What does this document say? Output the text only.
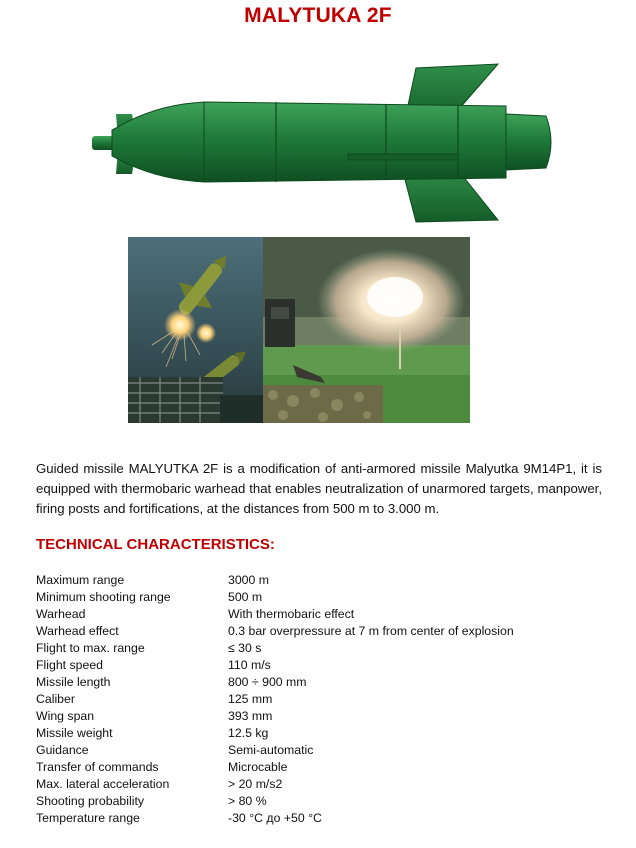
MALYTUKA 2F
Guided missile MALYUTKA 2F is a modification of anti-armored missile Malyutka 9M14P1, it is equipped with thermobaric warhead that enables neutralization of unarmored targets, manpower, firing posts and fortifications, at the distances from 500 m to 3.000 m.
TECHNICAL CHARACTERISTICS:
Maximum range	3000 m
Minimum shooting range	500 m
Warhead	With thermobaric effect
Warhead effect	0.3 bar overpressure at 7 m from center of explosion
Flight to max. range	≤ 30 s
Flight speed	110 m/s
Missile length	800 ÷ 900 mm
Caliber	125 mm
Wing span	393 mm
Missile weight	12.5 kg
Guidance	Semi-automatic
Transfer of commands	Microcable
Max. lateral acceleration	> 20 m/s2
Shooting probability	> 80 %
Temperature range	-30 °C до +50 °C
